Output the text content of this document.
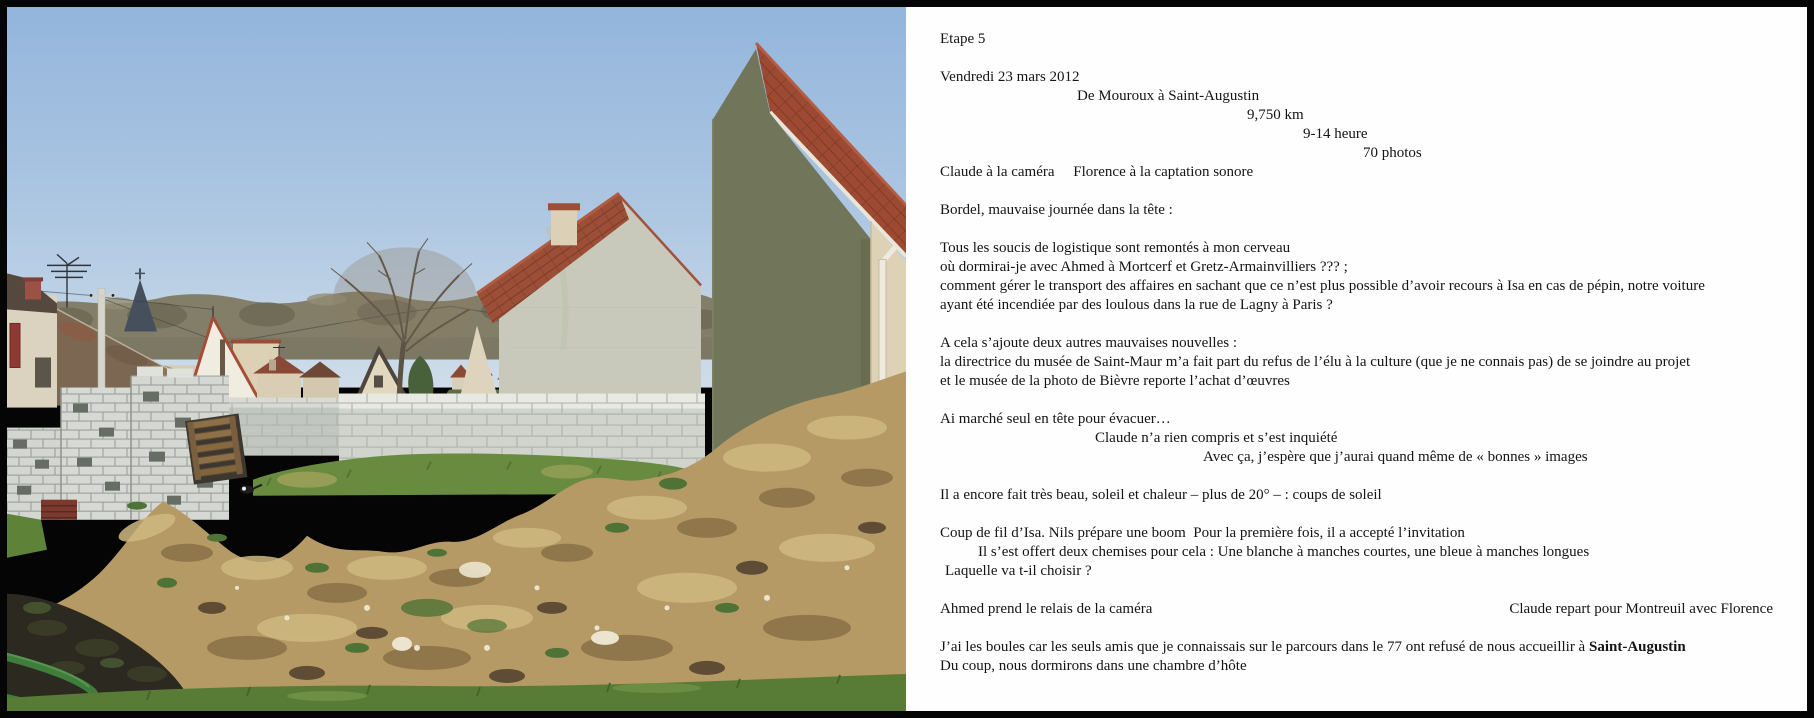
Etape 5

Vendredi 23 mars 2012
De Mouroux à Saint-Augustin
9,750 km
9-14 heure
70 photos
Claude à la caméra     Florence à la captation sonore

Bordel, mauvaise journée dans la tête :

Tous les soucis de logistique sont remontés à mon cerveau
où dormirai-je avec Ahmed à Mortcerf et Gretz-Armainvilliers ??? ;
comment gérer le transport des affaires en sachant que ce n’est plus possible d’avoir recours à Isa en cas de pépin, notre voiture
ayant été incendiée par des loulous dans la rue de Lagny à Paris ?

A cela s’ajoute deux autres mauvaises nouvelles :
la directrice du musée de Saint-Maur m’a fait part du refus de l’élu à la culture (que je ne connais pas) de se joindre au projet
et le musée de la photo de Bièvre reporte l’achat d’œuvres

Ai marché seul en tête pour évacuer…
Claude n’a rien compris et s’est inquiété
Avec ça, j’espère que j’aurai quand même de « bonnes » images

Il a encore fait très beau, soleil et chaleur – plus de 20° – : coups de soleil

Coup de fil d’Isa. Nils prépare une boom  Pour la première fois, il a accepté l’invitation
Il s’est offert deux chemises pour cela : Une blanche à manches courtes, une bleue à manches longues
Laquelle va t-il choisir ?

Ahmed prend le relais de la caméra	Claude repart pour Montreuil avec Florence

J’ai les boules car les seuls amis que je connaissais sur le parcours dans le 77 ont refusé de nous accueillir à Saint-Augustin
Du coup, nous dormirons dans une chambre d’hôte
